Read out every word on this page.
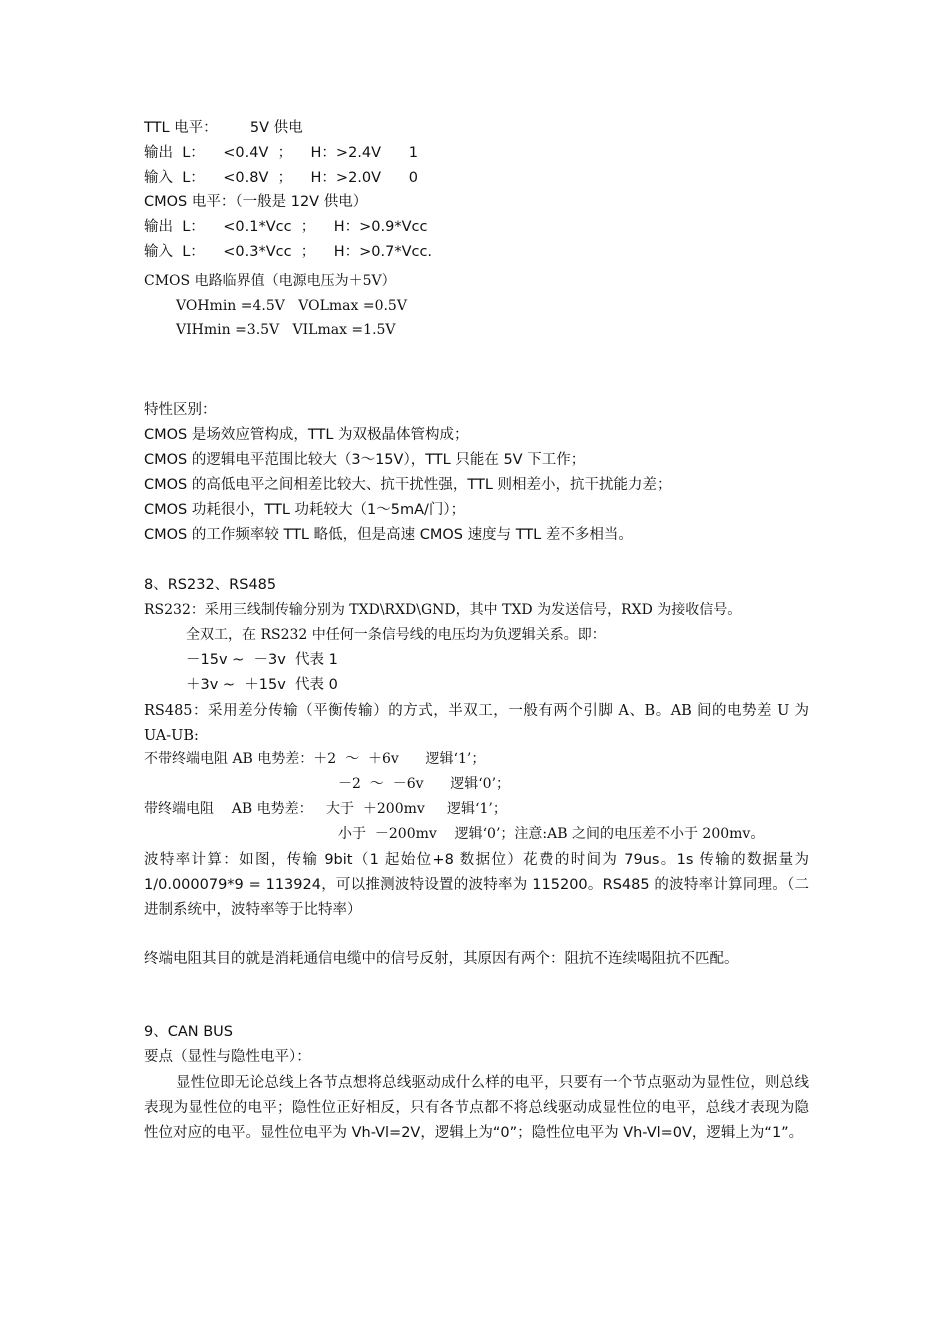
TTL 电平：       5V 供电
输出  L：    <0.4V  ；    H：>2.4V      1
输入  L：    <0.8V  ；    H：>2.0V      0
CMOS 电平：（一般是 12V 供电）
输出  L：    <0.1*Vcc  ；    H：>0.9*Vcc
输入  L：    <0.3*Vcc  ；    H：>0.7*Vcc.
CMOS 电路临界值（电源电压为＋5V）
VOHmin =4.5V   VOLmax =0.5V
VIHmin =3.5V   VILmax =1.5V
特性区别：
CMOS 是场效应管构成，TTL 为双极晶体管构成；
CMOS 的逻辑电平范围比较大（3～15V），TTL 只能在 5V 下工作；
CMOS 的高低电平之间相差比较大、抗干扰性强，TTL 则相差小，抗干扰能力差；
CMOS 功耗很小，TTL 功耗较大（1～5mA/门）；
CMOS 的工作频率较 TTL 略低，但是高速 CMOS 速度与 TTL 差不多相当。
8、RS232、RS485
RS232：采用三线制传输分别为 TXD\RXD\GND，其中 TXD 为发送信号，RXD 为接收信号。
全双工，在 RS232 中任何一条信号线的电压均为负逻辑关系。即：
－15v ~  －3v  代表 1
＋3v ~  ＋15v  代表 0
RS485：采用差分传输（平衡传输）的方式，半双工，一般有两个引脚 A、B。AB 间的电势差 U 为 UA-UB:
不带终端电阻 AB 电势差：＋2  ～  ＋6v      逻辑‘1’；
－2  ～  －6v      逻辑‘0’；
带终端电阻    AB 电势差：   大于  ＋200mv     逻辑‘1’；
小于  －200mv    逻辑‘0’；注意:AB 之间的电压差不小于 200mv。
波特率计算：如图，传输 9bit（1 起始位+8 数据位）花费的时间为 79us。1s 传输的数据量为 1/0.000079*9 = 113924，可以推测波特设置的波特率为 115200。RS485 的波特率计算同理。（二进制系统中，波特率等于比特率）
终端电阻其目的就是消耗通信电缆中的信号反射，其原因有两个：阻抗不连续喝阻抗不匹配。
9、CAN BUS
要点（显性与隐性电平）：
显性位即无论总线上各节点想将总线驱动成什么样的电平，只要有一个节点驱动为显性位，则总线表现为显性位的电平；隐性位正好相反，只有各节点都不将总线驱动成显性位的电平，总线才表现为隐性位对应的电平。显性位电平为 Vh-Vl=2V，逻辑上为“0”；隐性位电平为 Vh-Vl=0V，逻辑上为“1”。
